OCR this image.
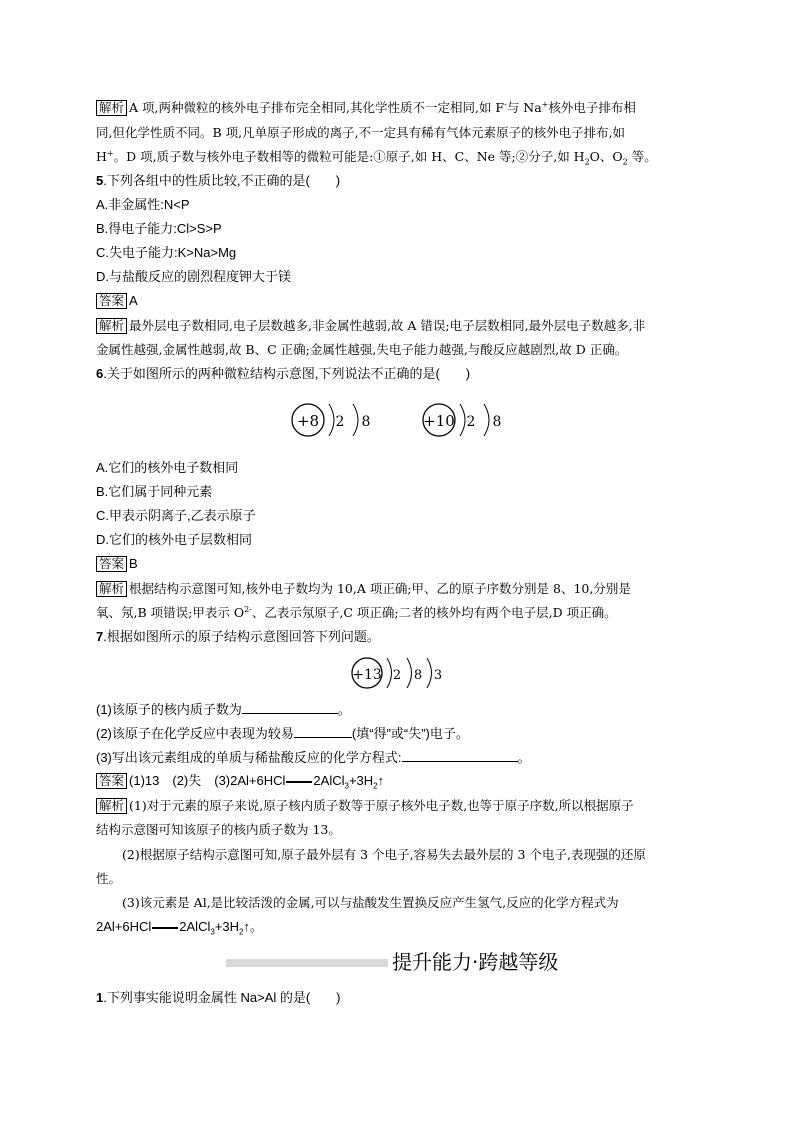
解析 A 项,两种微粒的核外电子排布完全相同,其化学性质不一定相同,如 F-与 Na+核外电子排布相
同,但化学性质不同。B 项,凡单原子形成的离子,不一定具有稀有气体元素原子的核外电子排布,如
H+。D 项,质子数与核外电子数相等的微粒可能是:①原子,如 H、C、Ne 等;②分子,如 $H_2O$、$O_2$ 等。
5.下列各组中的性质比较,不正确的是(　　)
A.非金属性:N<P
B.得电子能力:Cl>S>P
C.失电子能力:K>Na>Mg
D.与盐酸反应的剧烈程度钾大于镁
答案 A
解析 最外层电子数相同,电子层数越多,非金属性越弱,故 A 错误;电子层数相同,最外层电子数越多,非
金属性越强,金属性越弱,故 B、C 正确;金属性越强,失电子能力越强,与酸反应越剧烈,故 D 正确。
6.关于如图所示的两种微粒结构示意图,下列说法不正确的是(　　)
+8 2 8	+10 2 8
A.它们的核外电子数相同
B.它们属于同种元素
C.甲表示阴离子,乙表示原子
D.它们的核外电子层数相同
答案 B
解析 根据结构示意图可知,核外电子数均为 10,A 项正确;甲、乙的原子序数分别是 8、10,分别是
氧、氖,B 项错误;甲表示 $O^{2-}$、乙表示氖原子,C 项正确;二者的核外均有两个电子层,D 项正确。
7.根据如图所示的原子结构示意图回答下列问题。
+13 2 8 3
(1)该原子的核内质子数为	。
(2)该原子在化学反应中表现为较易	(填“得”或“失”)电子。
(3)写出该元素组成的单质与稀盐酸反应的化学方程式:	。
答案 (1)13　(2)失　(3)2Al+6HCl $2AlCl_3+3H_2↑$
解析 (1)对于元素的原子来说,原子核内质子数等于原子核外电子数,也等于原子序数,所以根据原子
结构示意图可知该原子的核内质子数为 13。
(2)根据原子结构示意图可知,原子最外层有 3 个电子,容易失去最外层的 3 个电子,表现强的还原
性。
(3)该元素是 Al,是比较活泼的金属,可以与盐酸发生置换反应产生氢气,反应的化学方程式为
2Al+6HCl $2AlCl_3+3H_2↑$。
提升能力·跨越等级
1.下列事实能说明金属性 Na>Al 的是(　　)
